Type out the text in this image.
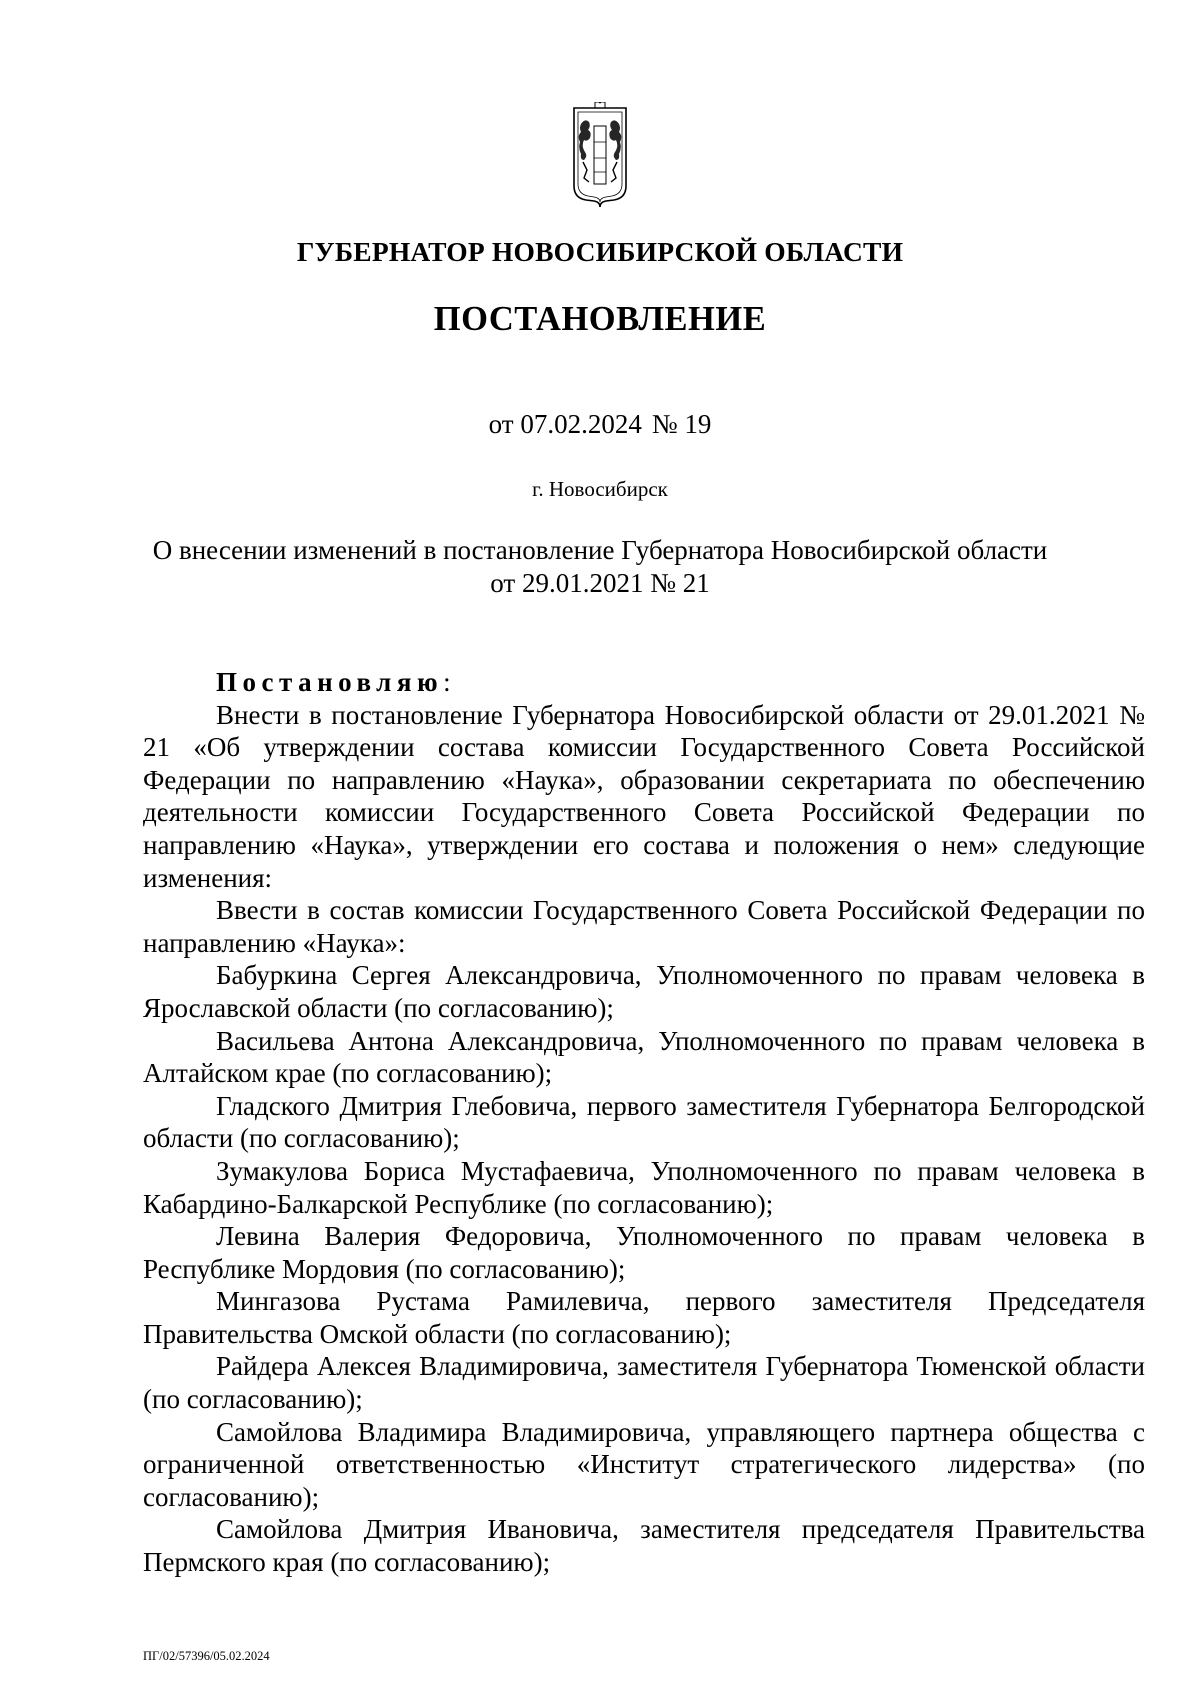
ГУБЕРНАТОР НОВОСИБИРСКОЙ ОБЛАСТИ
ПОСТАНОВЛЕНИЕ
от 07.02.2024 № 19
г. Новосибирск
О внесении изменений в постановление Губернатора Новосибирской области
от 29.01.2021 № 21

Постановляю:

Внести в постановление Губернатора Новосибирской области от 29.01.2021 № 21 «Об утверждении состава комиссии Государственного Совета Российской Федерации по направлению «Наука», образовании секретариата по обеспечению деятельности комиссии Государственного Совета Российской Федерации по направлению «Наука», утверждении его состава и положения о нем» следующие изменения:

Ввести в состав комиссии Государственного Совета Российской Федерации по направлению «Наука»:

Бабуркина Сергея Александровича, Уполномоченного по правам человека в Ярославской области (по согласованию);

Васильева Антона Александровича, Уполномоченного по правам человека в Алтайском крае (по согласованию);

Гладского Дмитрия Глебовича, первого заместителя Губернатора Белгородской области (по согласованию);

Зумакулова Бориса Мустафаевича, Уполномоченного по правам человека в Кабардино-Балкарской Республике (по согласованию);

Левина Валерия Федоровича, Уполномоченного по правам человека в Республике Мордовия (по согласованию);

Мингазова Рустама Рамилевича, первого заместителя Председателя Правительства Омской области (по согласованию);

Райдера Алексея Владимировича, заместителя Губернатора Тюменской области (по согласованию);

Самойлова Владимира Владимировича, управляющего партнера общества с ограниченной ответственностью «Институт стратегического лидерства» (по согласованию);

Самойлова Дмитрия Ивановича, заместителя председателя Правительства Пермского края (по согласованию);

ПГ/02/57396/05.02.2024
